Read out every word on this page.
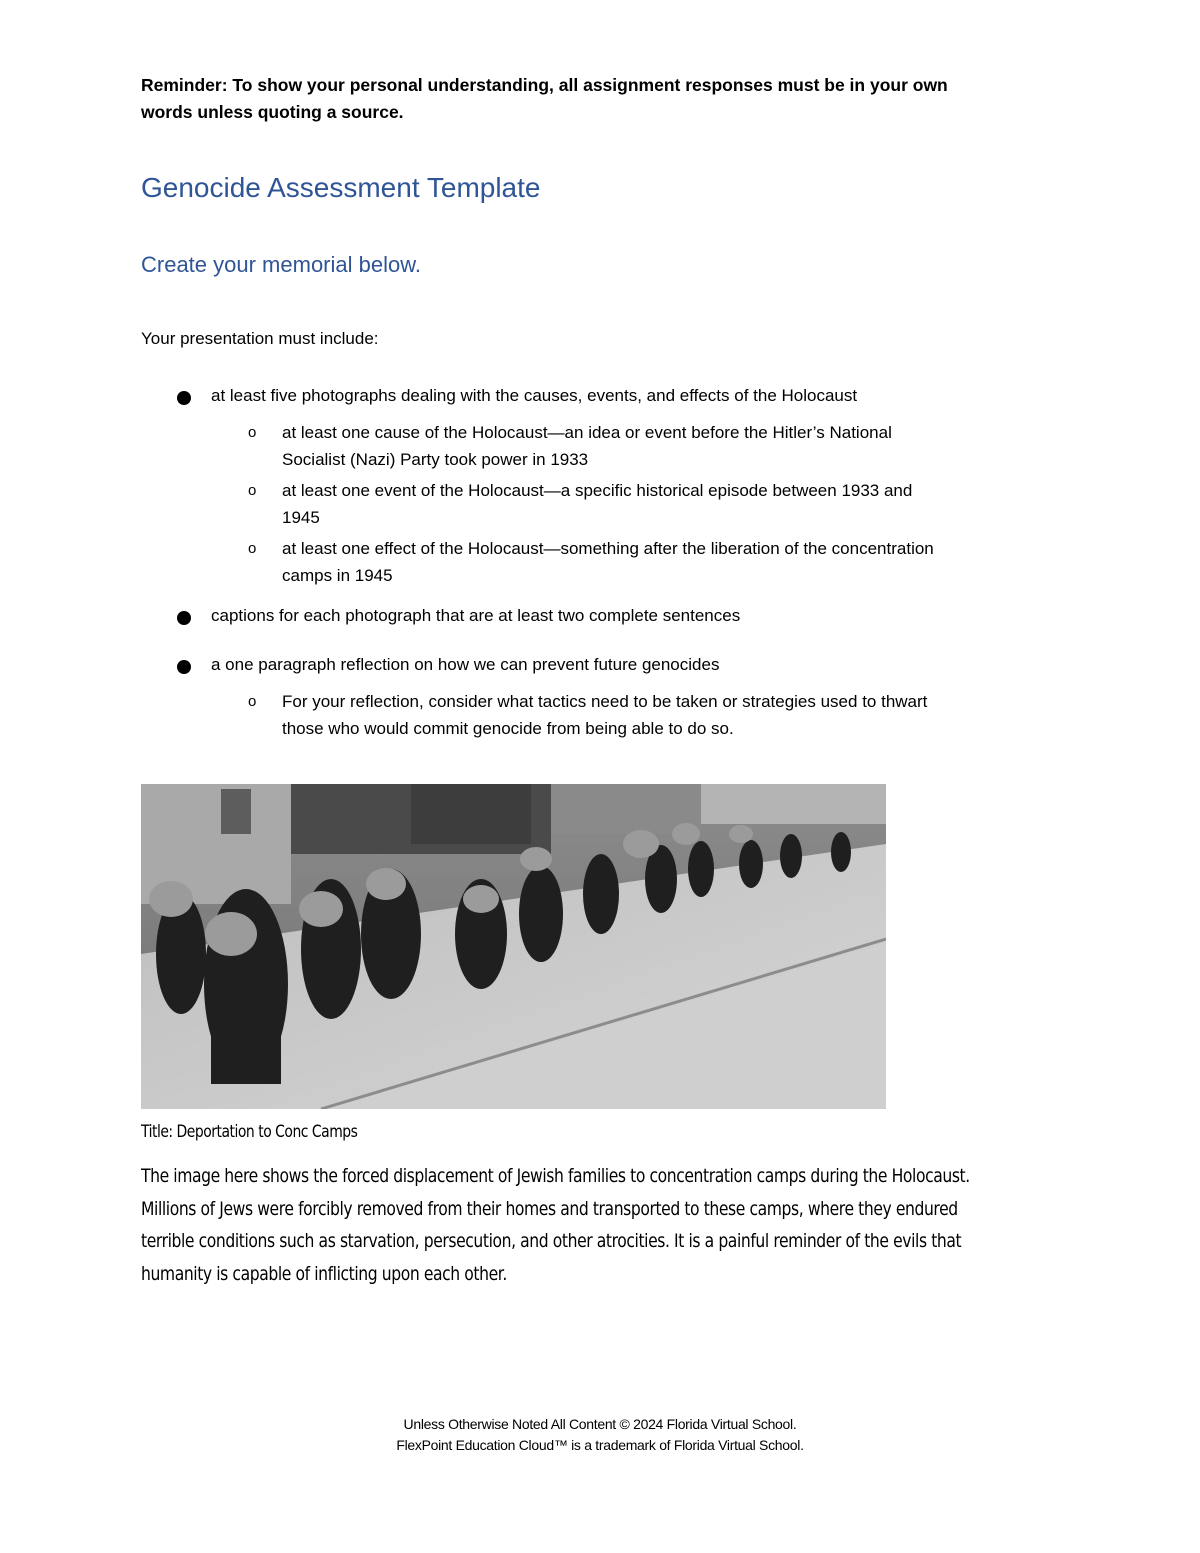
Reminder: To show your personal understanding, all assignment responses must be in your own
words unless quoting a source.
Genocide Assessment Template
Create your memorial below.
Your presentation must include:
at least five photographs dealing with the causes, events, and effects of the Holocaust
o at least one cause of the Holocaust—an idea or event before the Hitler’s National
Socialist (Nazi) Party took power in 1933
o at least one event of the Holocaust—a specific historical episode between 1933 and
1945
o at least one effect of the Holocaust—something after the liberation of the concentration
camps in 1945
captions for each photograph that are at least two complete sentences
a one paragraph reflection on how we can prevent future genocides
o For your reflection, consider what tactics need to be taken or strategies used to thwart
those who would commit genocide from being able to do so.
Title: Deportation to Conc Camps
The image here shows the forced displacement of Jewish families to concentration camps during the Holocaust.
Millions of Jews were forcibly removed from their homes and transported to these camps, where they endured
terrible conditions such as starvation, persecution, and other atrocities. It is a painful reminder of the evils that
humanity is capable of inflicting upon each other.
Unless Otherwise Noted All Content © 2024 Florida Virtual School.
FlexPoint Education Cloud™ is a trademark of Florida Virtual School.
